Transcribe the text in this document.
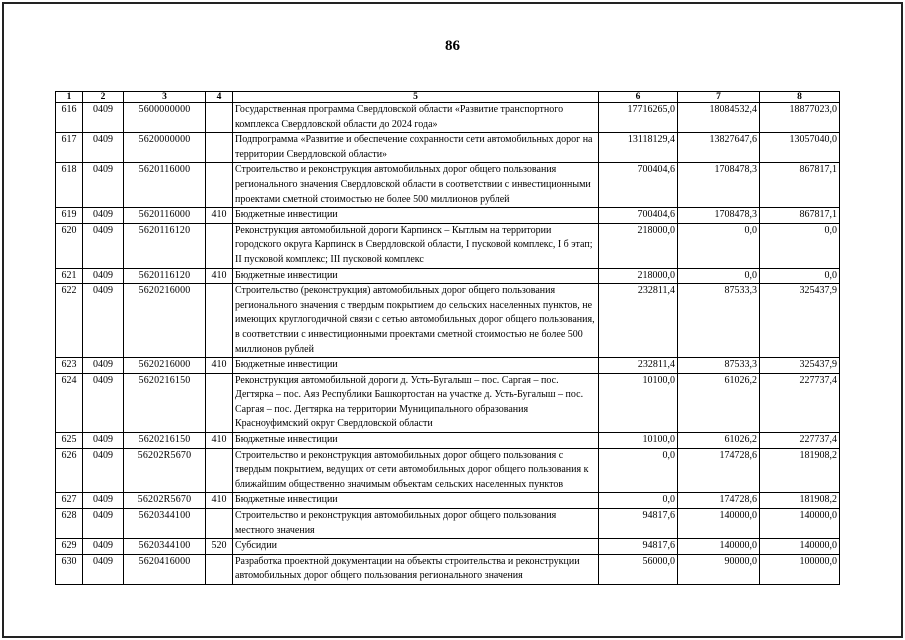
86
1	2	3	4	5	6	7	8
616	0409	5600000000		Государственная программа Свердловской области «Развитие транспортного комплекса Свердловской области до 2024 года»	17716265,0	18084532,4	18877023,0
617	0409	5620000000		Подпрограмма «Развитие и обеспечение сохранности сети автомобильных дорог на территории Свердловской области»	13118129,4	13827647,6	13057040,0
618	0409	5620116000		Строительство и реконструкция автомобильных дорог общего пользования регионального значения Свердловской области в соответствии с инвестиционными проектами сметной стоимостью не более 500 миллионов рублей	700404,6	1708478,3	867817,1
619	0409	5620116000	410	Бюджетные инвестиции	700404,6	1708478,3	867817,1
620	0409	5620116120		Реконструкция автомобильной дороги Карпинск – Кытлым на территории городского округа Карпинск в Свердловской области, I пусковой комплекс, I б этап; II пусковой комплекс; III пусковой комплекс	218000,0	0,0	0,0
621	0409	5620116120	410	Бюджетные инвестиции	218000,0	0,0	0,0
622	0409	5620216000		Строительство (реконструкция) автомобильных дорог общего пользования регионального значения с твердым покрытием до сельских населенных пунктов, не имеющих круглогодичной связи с сетью автомобильных дорог общего пользования, в соответствии с инвестиционными проектами сметной стоимостью не более 500 миллионов рублей	232811,4	87533,3	325437,9
623	0409	5620216000	410	Бюджетные инвестиции	232811,4	87533,3	325437,9
624	0409	5620216150		Реконструкция автомобильной дороги д. Усть-Бугалыш – пос. Саргая – пос. Дегтярка – пос. Аяз Республики Башкортостан на участке д. Усть-Бугалыш – пос. Саргая – пос. Дегтярка на территории Муниципального образования Красноуфимский округ Свердловской области	10100,0	61026,2	227737,4
625	0409	5620216150	410	Бюджетные инвестиции	10100,0	61026,2	227737,4
626	0409	56202R5670		Строительство и реконструкция автомобильных дорог общего пользования с твердым покрытием, ведущих от сети автомобильных дорог общего пользования к ближайшим общественно значимым объектам сельских населенных пунктов	0,0	174728,6	181908,2
627	0409	56202R5670	410	Бюджетные инвестиции	0,0	174728,6	181908,2
628	0409	5620344100		Строительство и реконструкция автомобильных дорог общего пользования местного значения	94817,6	140000,0	140000,0
629	0409	5620344100	520	Субсидии	94817,6	140000,0	140000,0
630	0409	5620416000		Разработка проектной документации на объекты строительства и реконструкции автомобильных дорог общего пользования регионального значения	56000,0	90000,0	100000,0
